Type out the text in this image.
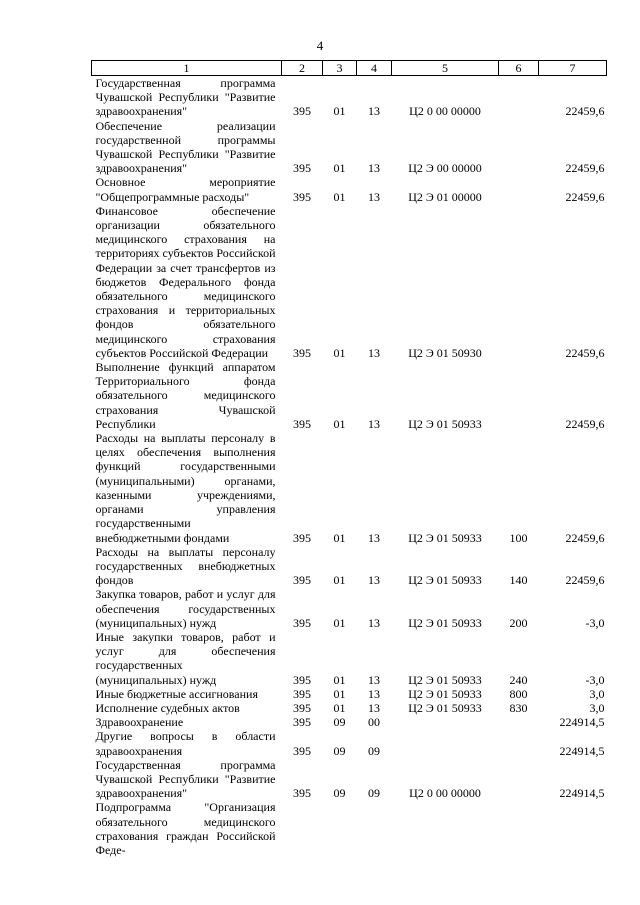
4
1	2	3	4	5	6	7
Государственная программа Чувашской Республики "Развитие здравоохранения"	395	01	13	Ц2 0 00 00000		22459,6
Обеспечение реализации государственной программы Чувашской Республики "Развитие здравоохранения"	395	01	13	Ц2 Э 00 00000		22459,6
Основное мероприятие "Общепрограммные расходы"	395	01	13	Ц2 Э 01 00000		22459,6
Финансовое обеспечение организации обязательного медицинского страхования на территориях субъектов Российской Федерации за счет трансфертов из бюджетов Федерального фонда обязательного медицинского страхования и территориальных фондов обязательного медицинского страхования субъектов Российской Федерации	395	01	13	Ц2 Э 01 50930		22459,6
Выполнение функций аппаратом Территориального фонда обязательного медицинского страхования Чувашской Республики	395	01	13	Ц2 Э 01 50933		22459,6
Расходы на выплаты персоналу в целях обеспечения выполнения функций государственными (муниципальными) органами, казенными учреждениями, органами управления государственными внебюджетными фондами	395	01	13	Ц2 Э 01 50933	100	22459,6
Расходы на выплаты персоналу государственных внебюджетных фондов	395	01	13	Ц2 Э 01 50933	140	22459,6
Закупка товаров, работ и услуг для обеспечения государственных (муниципальных) нужд	395	01	13	Ц2 Э 01 50933	200	-3,0
Иные закупки товаров, работ и услуг для обеспечения государственных (муниципальных) нужд	395	01	13	Ц2 Э 01 50933	240	-3,0
Иные бюджетные ассигнования	395	01	13	Ц2 Э 01 50933	800	3,0
Исполнение судебных актов	395	01	13	Ц2 Э 01 50933	830	3,0
Здравоохранение	395	09	00			224914,5
Другие вопросы в области здравоохранения	395	09	09			224914,5
Государственная программа Чувашской Республики "Развитие здравоохранения"	395	09	09	Ц2 0 00 00000		224914,5
Подпрограмма "Организация обязательного медицинского страхования граждан Российской Феде-						
